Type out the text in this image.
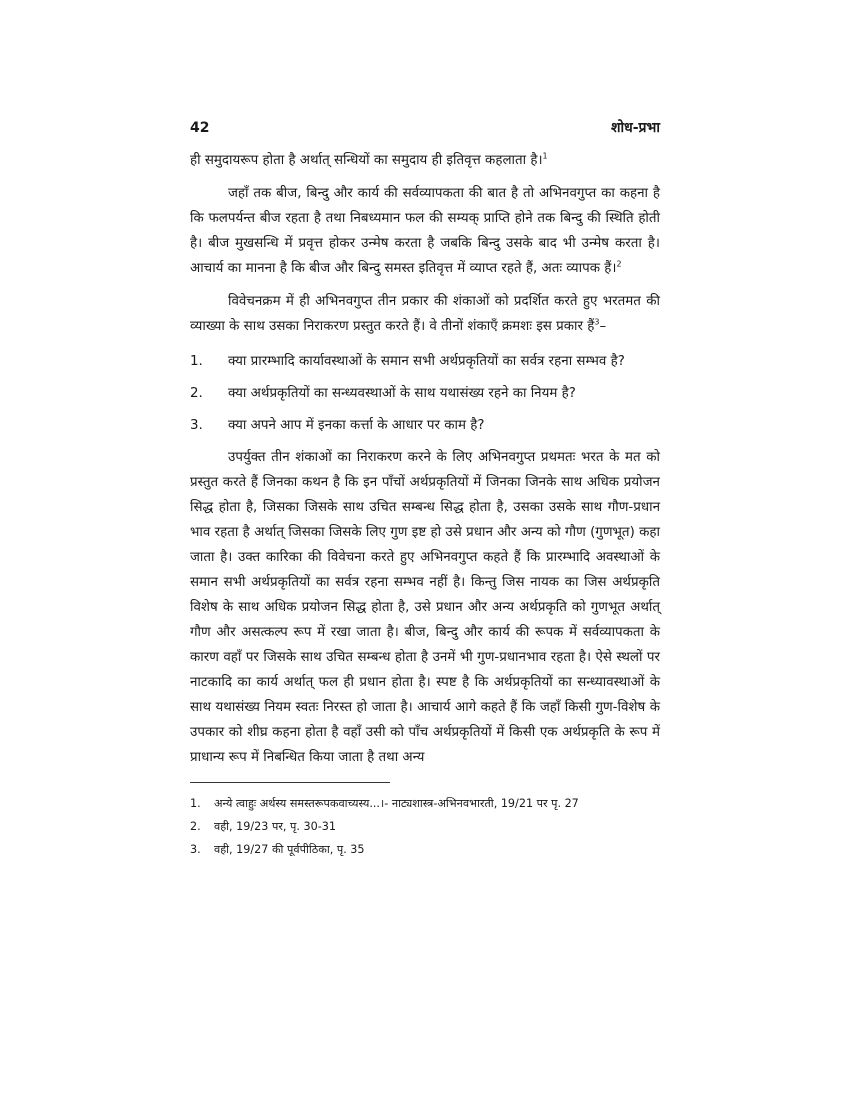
42	शोध-प्रभा

ही समुदायरूप होता है अर्थात् सन्धियों का समुदाय ही इतिवृत्त कहलाता है।$^1$

जहाँ तक बीज, बिन्दु और कार्य की सर्वव्यापकता की बात है तो अभिनवगुप्त का कहना है कि फलपर्यन्त बीज रहता है तथा निबध्यमान फल की सम्यक् प्राप्ति होने तक बिन्दु की स्थिति होती है। बीज मुखसन्धि में प्रवृत्त होकर उन्मेष करता है जबकि बिन्दु उसके बाद भी उन्मेष करता है। आचार्य का मानना है कि बीज और बिन्दु समस्त इतिवृत्त में व्याप्त रहते हैं, अतः व्यापक हैं।$^2$

विवेचनक्रम में ही अभिनवगुप्त तीन प्रकार की शंकाओं को प्रदर्शित करते हुए भरतमत की व्याख्या के साथ उसका निराकरण प्रस्तुत करते हैं। वे तीनों शंकाएँ क्रमशः इस प्रकार हैं$^3$–

1.	क्या प्रारम्भादि कार्यावस्थाओं के समान सभी अर्थप्रकृतियों का सर्वत्र रहना सम्भव है?
2.	क्या अर्थप्रकृतियों का सन्ध्यवस्थाओं के साथ यथासंख्य रहने का नियम है?
3.	क्या अपने आप में इनका कर्त्ता के आधार पर काम है?

उपर्युक्त तीन शंकाओं का निराकरण करने के लिए अभिनवगुप्त प्रथमतः भरत के मत को प्रस्तुत करते हैं जिनका कथन है कि इन पाँचों अर्थप्रकृतियों में जिनका जिनके साथ अधिक प्रयोजन सिद्ध होता है, जिसका जिसके साथ उचित सम्बन्ध सिद्ध होता है, उसका उसके साथ गौण-प्रधान भाव रहता है अर्थात् जिसका जिसके लिए गुण इष्ट हो उसे प्रधान और अन्य को गौण (गुणभूत) कहा जाता है। उक्त कारिका की विवेचना करते हुए अभिनवगुप्त कहते हैं कि प्रारम्भादि अवस्थाओं के समान सभी अर्थप्रकृतियों का सर्वत्र रहना सम्भव नहीं है। किन्तु जिस नायक का जिस अर्थप्रकृति विशेष के साथ अधिक प्रयोजन सिद्ध होता है, उसे प्रधान और अन्य अर्थप्रकृति को गुणभूत अर्थात् गौण और असत्कल्प रूप में रखा जाता है। बीज, बिन्दु और कार्य की रूपक में सर्वव्यापकता के कारण वहाँ पर जिसके साथ उचित सम्बन्ध होता है उनमें भी गुण-प्रधानभाव रहता है। ऐसे स्थलों पर नाटकादि का कार्य अर्थात् फल ही प्रधान होता है। स्पष्ट है कि अर्थप्रकृतियों का सन्ध्यावस्थाओं के साथ यथासंख्य नियम स्वतः निरस्त हो जाता है। आचार्य आगे कहते हैं कि जहाँ किसी गुण-विशेष के उपकार को शीघ्र कहना होता है वहाँ उसी को पाँच अर्थप्रकृतियों में किसी एक अर्थप्रकृति के रूप में प्राधान्य रूप में निबन्धित किया जाता है तथा अन्य

1.	अन्ये त्वाहुः अर्थस्य समस्तरूपकवाच्यस्य...।- नाट्यशास्त्र-अभिनवभारती, 19/21 पर पृ. 27
2.	वही, 19/23 पर, पृ. 30-31
3.	वही, 19/27 की पूर्वपीठिका, पृ. 35
